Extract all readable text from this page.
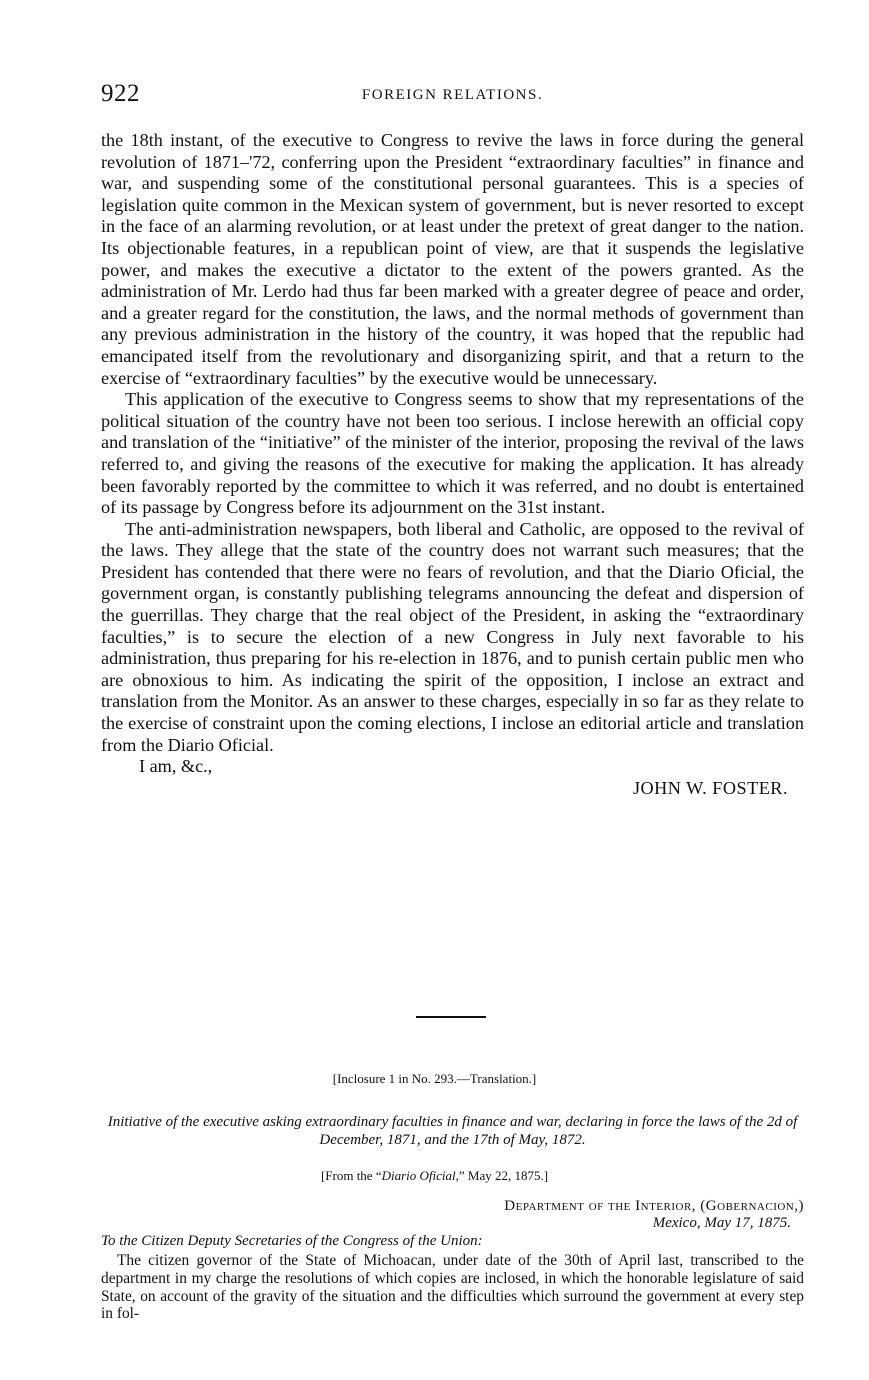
922	FOREIGN RELATIONS.

the 18th instant, of the executive to Congress to revive the laws in force during the general revolution of 1871–'72, conferring upon the President “extraordinary faculties” in finance and war, and suspending some of the constitutional personal guarantees. This is a species of legislation quite common in the Mexican system of government, but is never resorted to except in the face of an alarming revolution, or at least under the pretext of great danger to the nation. Its objectionable features, in a republican point of view, are that it suspends the legislative power, and makes the executive a dictator to the extent of the powers granted. As the administration of Mr. Lerdo had thus far been marked with a greater degree of peace and order, and a greater regard for the constitution, the laws, and the normal methods of government than any previous administration in the history of the country, it was hoped that the republic had emancipated itself from the revolutionary and disorganizing spirit, and that a return to the exercise of “extraordinary faculties” by the executive would be unnecessary.

This application of the executive to Congress seems to show that my representations of the political situation of the country have not been too serious. I inclose herewith an official copy and translation of the “initiative” of the minister of the interior, proposing the revival of the laws referred to, and giving the reasons of the executive for making the application. It has already been favorably reported by the committee to which it was referred, and no doubt is entertained of its passage by Congress before its adjournment on the 31st instant.

The anti-administration newspapers, both liberal and Catholic, are opposed to the revival of the laws. They allege that the state of the country does not warrant such measures; that the President has contended that there were no fears of revolution, and that the Diario Oficial, the government organ, is constantly publishing telegrams announcing the defeat and dispersion of the guerrillas. They charge that the real object of the President, in asking the “extraordinary faculties,” is to secure the election of a new Congress in July next favorable to his administration, thus preparing for his re-election in 1876, and to punish certain public men who are obnoxious to him. As indicating the spirit of the opposition, I inclose an extract and translation from the Monitor. As an answer to these charges, especially in so far as they relate to the exercise of constraint upon the coming elections, I inclose an editorial article and translation from the Diario Oficial.

I am, &c.,
JOHN W. FOSTER.
[Inclosure 1 in No. 293.—Translation.]
Initiative of the executive asking extraordinary faculties in finance and war, declaring in force the laws of the 2d of December, 1871, and the 17th of May, 1872.
[From the “Diario Oficial,” May 22, 1875.]
Department of the Interior, (Gobernacion,)
Mexico, May 17, 1875.
To the Citizen Deputy Secretaries of the Congress of the Union:

The citizen governor of the State of Michoacan, under date of the 30th of April last, transcribed to the department in my charge the resolutions of which copies are inclosed, in which the honorable legislature of said State, on account of the gravity of the situation and the difficulties which surround the government at every step in fol-
